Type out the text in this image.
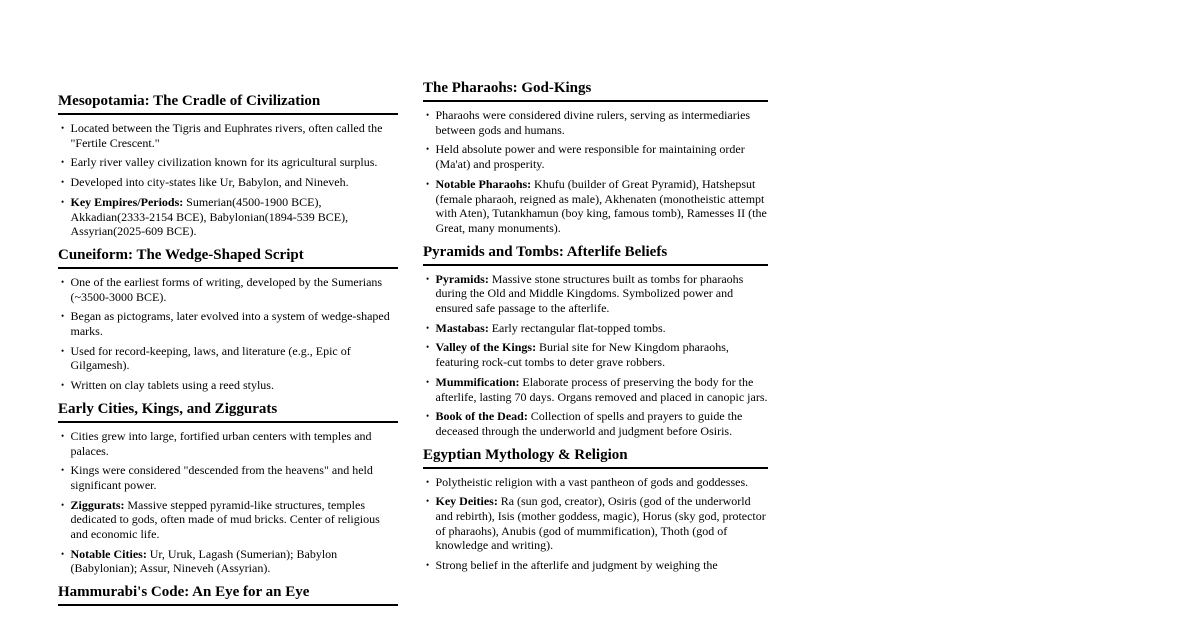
Mesopotamia: The Cradle of Civilization
• Located between the Tigris and Euphrates rivers, often called the "Fertile Crescent."
• Early river valley civilization known for its agricultural surplus.
• Developed into city-states like Ur, Babylon, and Nineveh.
• Key Empires/Periods: Sumerian(4500-1900 BCE), Akkadian(2333-2154 BCE), Babylonian(1894-539 BCE), Assyrian(2025-609 BCE).
Cuneiform: The Wedge-Shaped Script
• One of the earliest forms of writing, developed by the Sumerians (~3500-3000 BCE).
• Began as pictograms, later evolved into a system of wedge-shaped marks.
• Used for record-keeping, laws, and literature (e.g., Epic of Gilgamesh).
• Written on clay tablets using a reed stylus.
Early Cities, Kings, and Ziggurats
• Cities grew into large, fortified urban centers with temples and palaces.
• Kings were considered "descended from the heavens" and held significant power.
• Ziggurats: Massive stepped pyramid-like structures, temples dedicated to gods, often made of mud bricks. Center of religious and economic life.
• Notable Cities: Ur, Uruk, Lagash (Sumerian); Babylon (Babylonian); Assur, Nineveh (Assyrian).
Hammurabi's Code: An Eye for an Eye
The Pharaohs: God-Kings
• Pharaohs were considered divine rulers, serving as intermediaries between gods and humans.
• Held absolute power and were responsible for maintaining order (Ma'at) and prosperity.
• Notable Pharaohs: Khufu (builder of Great Pyramid), Hatshepsut (female pharaoh, reigned as male), Akhenaten (monotheistic attempt with Aten), Tutankhamun (boy king, famous tomb), Ramesses II (the Great, many monuments).
Pyramids and Tombs: Afterlife Beliefs
• Pyramids: Massive stone structures built as tombs for pharaohs during the Old and Middle Kingdoms. Symbolized power and ensured safe passage to the afterlife.
• Mastabas: Early rectangular flat-topped tombs.
• Valley of the Kings: Burial site for New Kingdom pharaohs, featuring rock-cut tombs to deter grave robbers.
• Mummification: Elaborate process of preserving the body for the afterlife, lasting 70 days. Organs removed and placed in canopic jars.
• Book of the Dead: Collection of spells and prayers to guide the deceased through the underworld and judgment before Osiris.
Egyptian Mythology & Religion
• Polytheistic religion with a vast pantheon of gods and goddesses.
• Key Deities: Ra (sun god, creator), Osiris (god of the underworld and rebirth), Isis (mother goddess, magic), Horus (sky god, protector of pharaohs), Anubis (god of mummification), Thoth (god of knowledge and writing).
• Strong belief in the afterlife and judgment by weighing the
